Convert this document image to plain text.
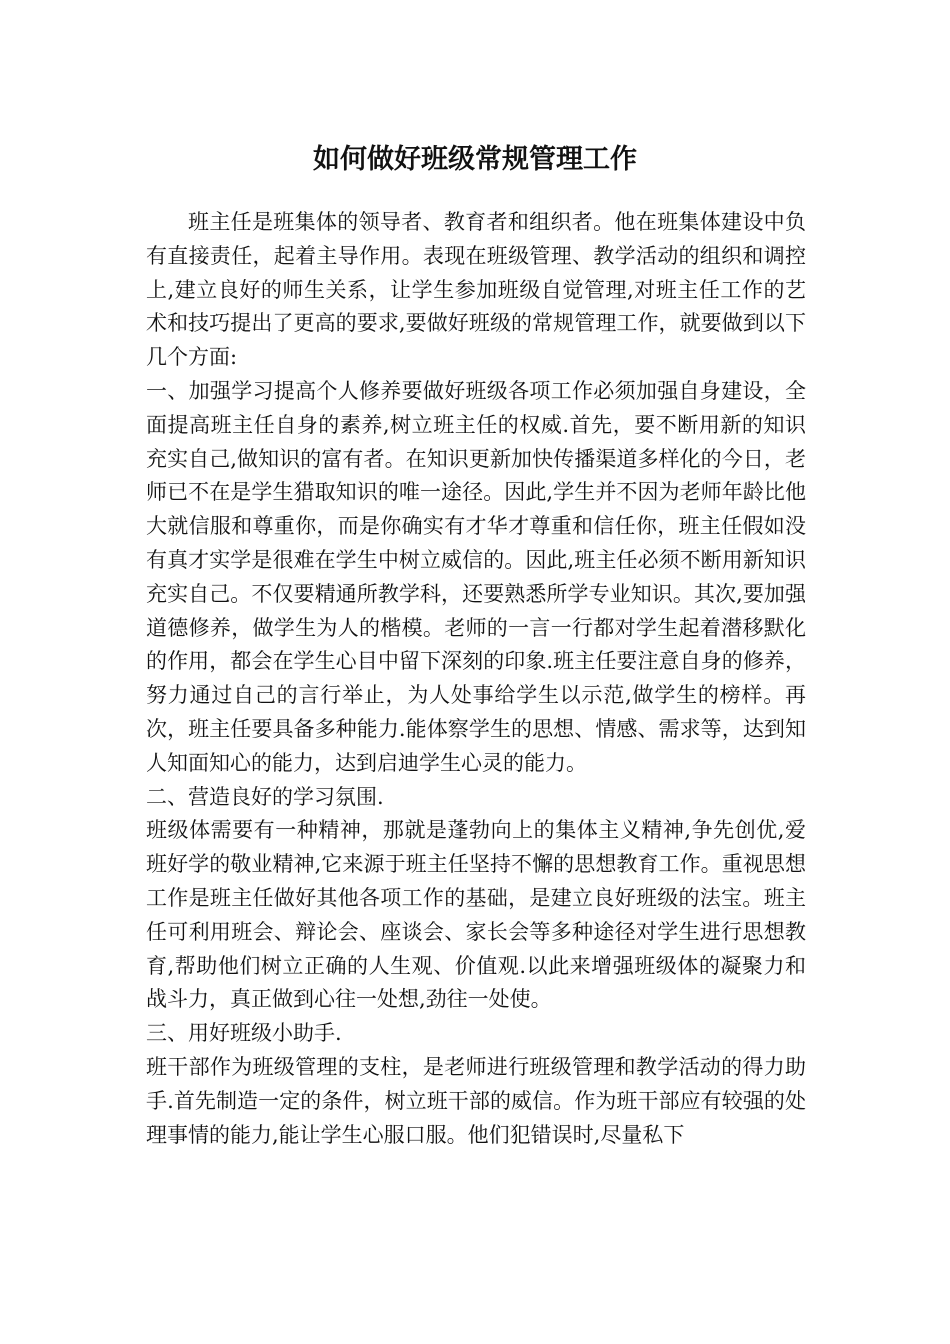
如何做好班级常规管理工作

班主任是班集体的领导者、教育者和组织者。他在班集体建设中负有直接责任，起着主导作用。表现在班级管理、教学活动的组织和调控上,建立良好的师生关系，让学生参加班级自觉管理,对班主任工作的艺术和技巧提出了更高的要求,要做好班级的常规管理工作，就要做到以下几个方面:

一、加强学习提高个人修养要做好班级各项工作必须加强自身建设，全面提高班主任自身的素养,树立班主任的权威.首先，要不断用新的知识充实自己,做知识的富有者。在知识更新加快传播渠道多样化的今日，老师已不在是学生猎取知识的唯一途径。因此,学生并不因为老师年龄比他大就信服和尊重你，而是你确实有才华才尊重和信任你，班主任假如没有真才实学是很难在学生中树立威信的。因此,班主任必须不断用新知识充实自己。不仅要精通所教学科，还要熟悉所学专业知识。其次,要加强道德修养，做学生为人的楷模。老师的一言一行都对学生起着潜移默化的作用，都会在学生心目中留下深刻的印象.班主任要注意自身的修养，努力通过自己的言行举止，为人处事给学生以示范,做学生的榜样。再次，班主任要具备多种能力.能体察学生的思想、情感、需求等，达到知人知面知心的能力，达到启迪学生心灵的能力。

二、营造良好的学习氛围.

班级体需要有一种精神，那就是蓬勃向上的集体主义精神,争先创优,爱班好学的敬业精神,它来源于班主任坚持不懈的思想教育工作。重视思想工作是班主任做好其他各项工作的基础，是建立良好班级的法宝。班主任可利用班会、辩论会、座谈会、家长会等多种途径对学生进行思想教育,帮助他们树立正确的人生观、价值观.以此来增强班级体的凝聚力和战斗力，真正做到心往一处想,劲往一处使。

三、用好班级小助手.

班干部作为班级管理的支柱，是老师进行班级管理和教学活动的得力助手.首先制造一定的条件，树立班干部的威信。作为班干部应有较强的处理事情的能力,能让学生心服口服。他们犯错误时,尽量私下
